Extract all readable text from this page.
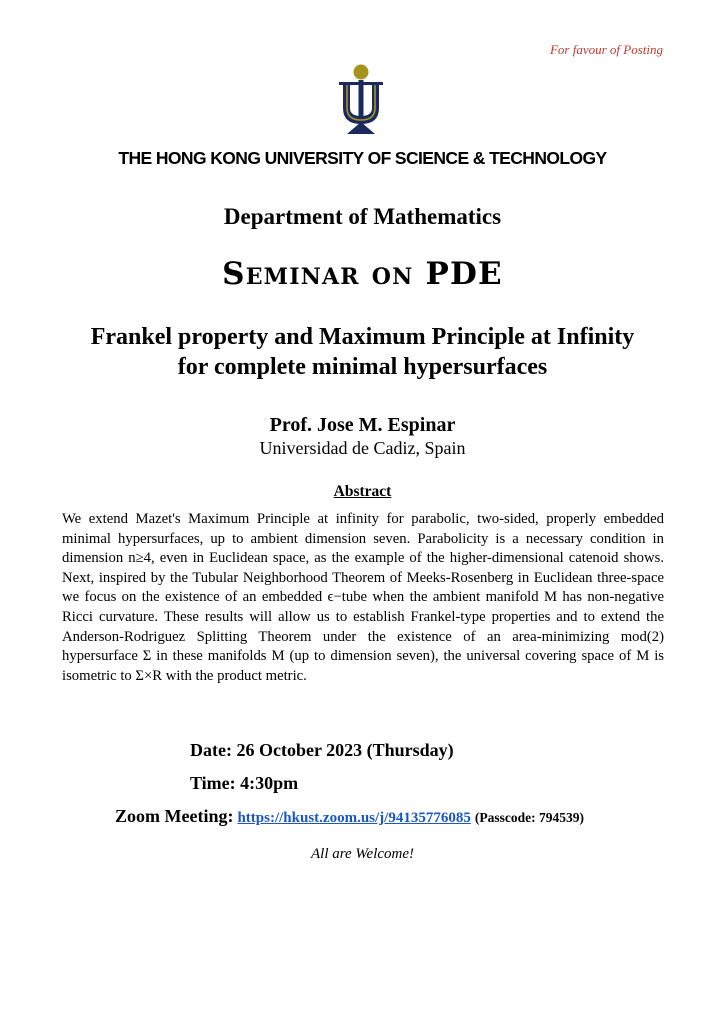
For favour of Posting
THE HONG KONG UNIVERSITY OF SCIENCE & TECHNOLOGY
Department of Mathematics
Seminar on PDE
Frankel property and Maximum Principle at Infinity
for complete minimal hypersurfaces
Prof. Jose M. Espinar
Universidad de Cadiz, Spain
Abstract
We extend Mazet's Maximum Principle at infinity for parabolic, two-sided, properly embedded minimal hypersurfaces, up to ambient dimension seven. Parabolicity is a necessary condition in dimension n≥4, even in Euclidean space, as the example of the higher-dimensional catenoid shows. Next, inspired by the Tubular Neighborhood Theorem of Meeks-Rosenberg in Euclidean three-space we focus on the existence of an embedded ϵ−tube when the ambient manifold M has non-negative Ricci curvature. These results will allow us to establish Frankel-type properties and to extend the Anderson-Rodriguez Splitting Theorem under the existence of an area-minimizing mod(2) hypersurface Σ in these manifolds M (up to dimension seven), the universal covering space of M is isometric to Σ×R with the product metric.
Date: 26 October 2023 (Thursday)
Time: 4:30pm
Zoom Meeting: https://hkust.zoom.us/j/94135776085 (Passcode: 794539)
All are Welcome!
